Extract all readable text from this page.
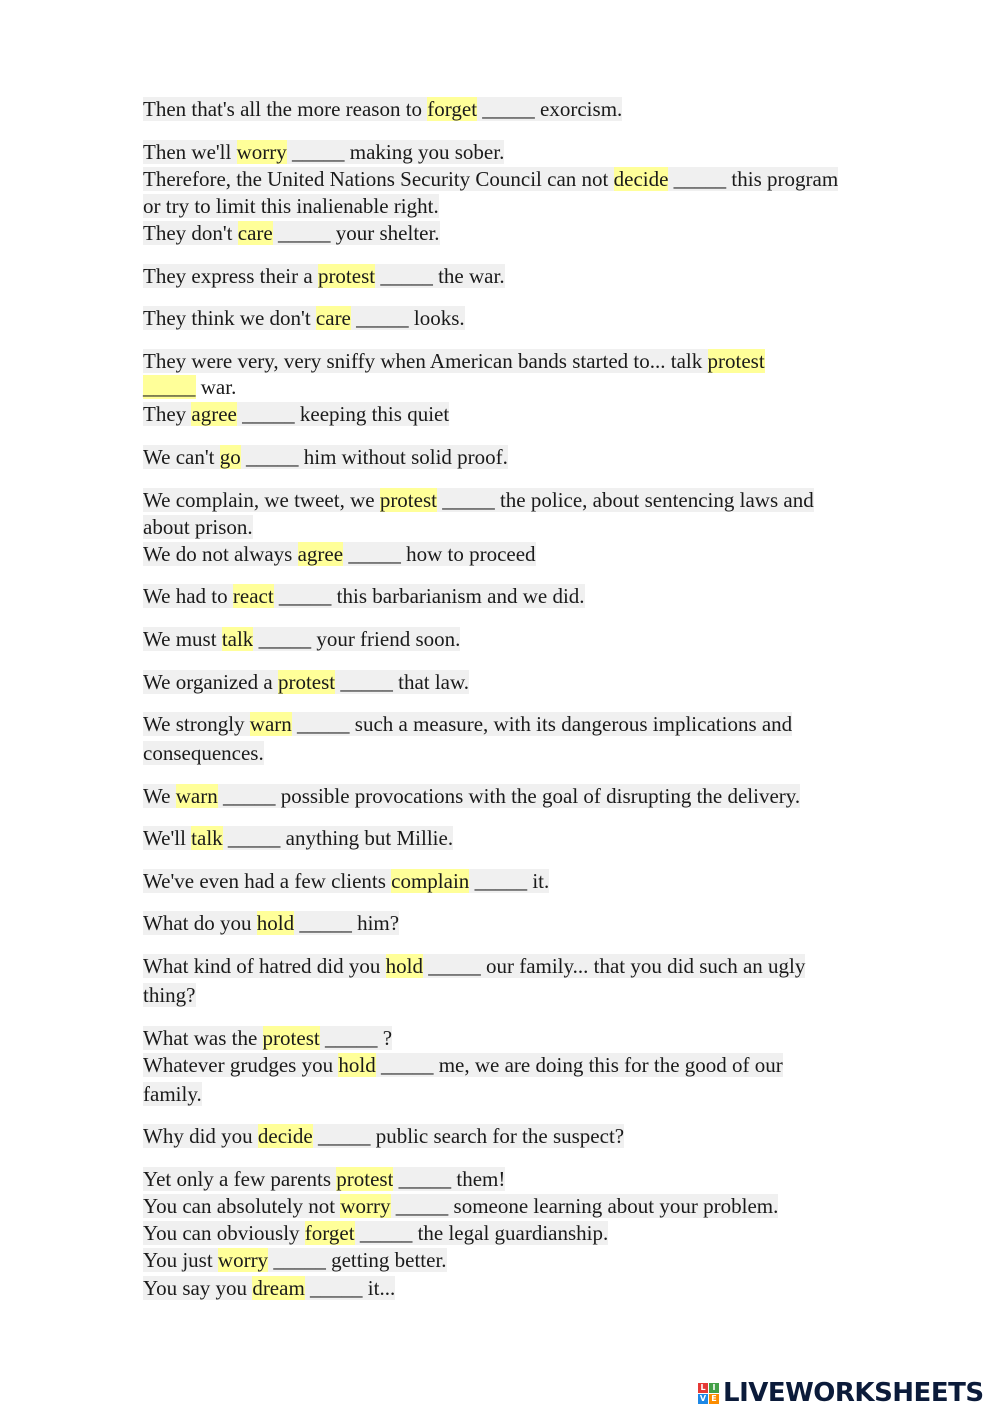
Then that's all the more reason to forget _____ exorcism.
Then we'll worry _____ making you sober.
Therefore, the United Nations Security Council can not decide _____ this program
or try to limit this inalienable right.
They don't care _____ your shelter.
They express their a protest _____ the war.
They think we don't care _____ looks.
They were very, very sniffy when American bands started to... talk protest
_____ war.
They agree _____ keeping this quiet
We can't go _____ him without solid proof.
We complain, we tweet, we protest _____ the police, about sentencing laws and
about prison.
We do not always agree _____ how to proceed
We had to react _____ this barbarianism and we did.
We must talk _____ your friend soon.
We organized a protest _____ that law.
We strongly warn _____ such a measure, with its dangerous implications and
consequences.
We warn _____ possible provocations with the goal of disrupting the delivery.
We'll talk _____ anything but Millie.
We've even had a few clients complain _____ it.
What do you hold _____ him?
What kind of hatred did you hold _____ our family... that you did such an ugly
thing?
What was the protest _____ ?
Whatever grudges you hold _____ me, we are doing this for the good of our
family.
Why did you decide _____ public search for the suspect?
Yet only a few parents protest _____ them!
You can absolutely not worry _____ someone learning about your problem.
You can obviously forget _____ the legal guardianship.
You just worry _____ getting better.
You say you dream _____ it...
L I
V E LIVEWORKSHEETS
